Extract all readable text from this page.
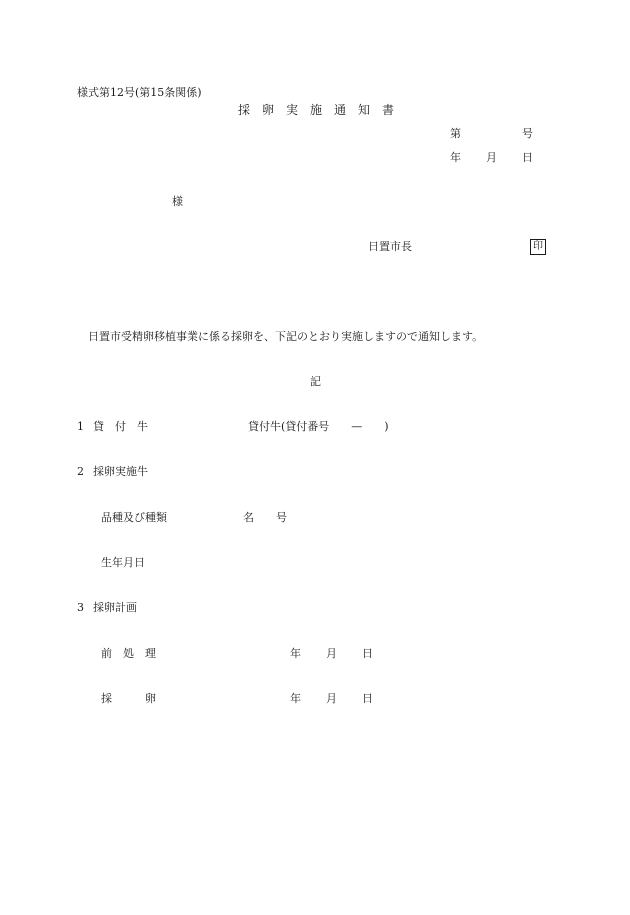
様式第12号(第15条関係)
採　卵　実　施　通　知　書
第	号
年 月 日
様
日置市長	印
日置市受精卵移植事業に係る採卵を、下記のとおり実施しますので通知します。
記
1 貸　付　牛	貸付牛(貸付番号　　—　　)
2 採卵実施牛
品種及び種類	名　　号
生年月日
3 採卵計画
前　処　理	年 月 日
採　　　卵	年 月 日
